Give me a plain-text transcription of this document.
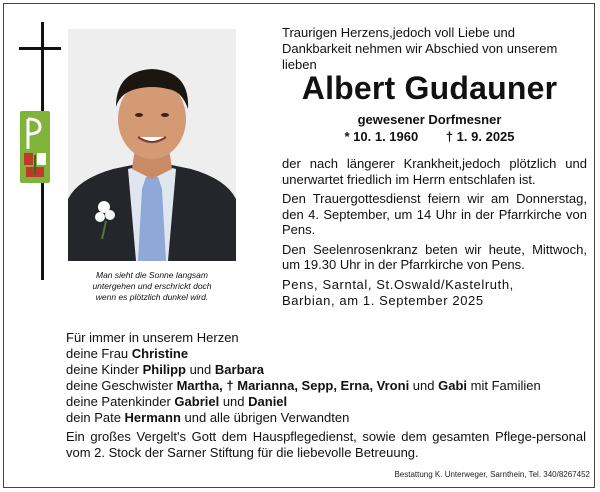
Man sieht die Sonne langsam
untergehen und erschrickt doch
wenn es plötzlich dunkel wird.
Traurigen Herzens,jedoch voll Liebe und Dankbarkeit nehmen wir Abschied von unserem lieben
Albert Gudauner
gewesener Dorfmesner
* 10. 1. 1960 † 1. 9. 2025

der nach längerer Krankheit,jedoch plötzlich und unerwartet friedlich im Herrn entschlafen ist.

Den Trauergottesdienst feiern wir am Donnerstag, den 4. September, um 14 Uhr in der Pfarrkirche von Pens.

Den Seelenrosenkranz beten wir heute, Mittwoch, um 19.30 Uhr in der Pfarrkirche von Pens.

Pens, Sarntal, St.Oswald/Kastelruth,
Barbian, am 1. September 2025
Für immer in unserem Herzen
deine Frau Christine
deine Kinder Philipp und Barbara
deine Geschwister Martha, † Marianna, Sepp, Erna, Vroni und Gabi mit Familien
deine Patenkinder Gabriel und Daniel
dein Pate Hermann und alle übrigen Verwandten
Ein großes Vergelt's Gott dem Hauspflegedienst, sowie dem gesamten Pflege-personal vom 2. Stock der Sarner Stiftung für die liebevolle Betreuung.
Bestattung K. Unterweger, Sarnthein, Tel. 340/8267452
